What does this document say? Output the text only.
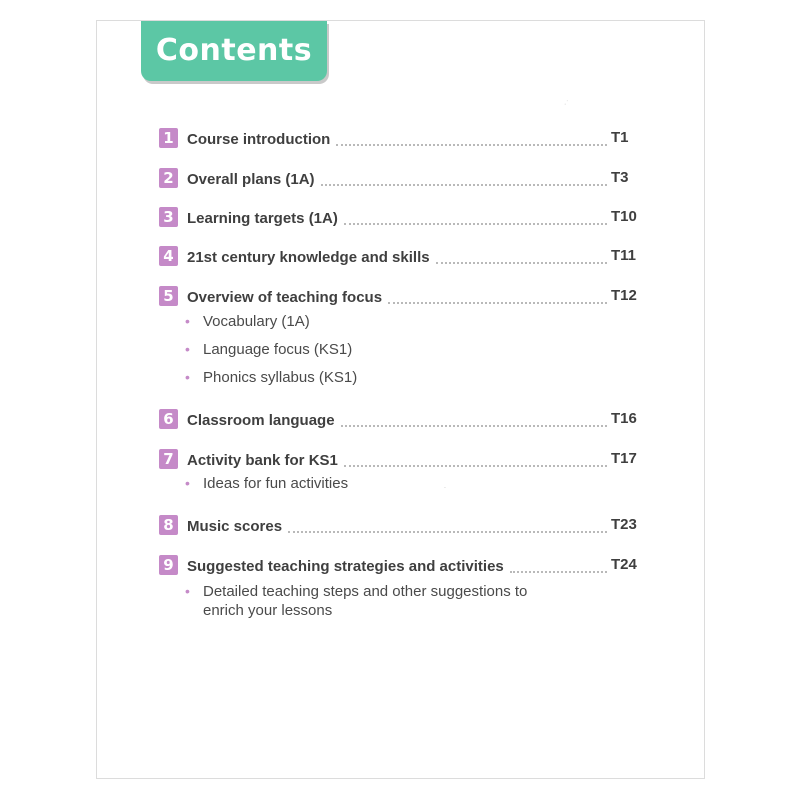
Contents
·˙
1 Course introduction	T1
2 Overall plans (1A)	T3
3 Learning targets (1A)	T10
4 21st century knowledge and skills	T11
5 Overview of teaching focus	T12
• Vocabulary (1A)
• Language focus (KS1)
• Phonics syllabus (KS1)
6 Classroom language	T16
7 Activity bank for KS1	T17
• Ideas for fun activities	.
8 Music scores	T23
9 Suggested teaching strategies and activities	T24
• Detailed teaching steps and other suggestions to enrich your lessons
